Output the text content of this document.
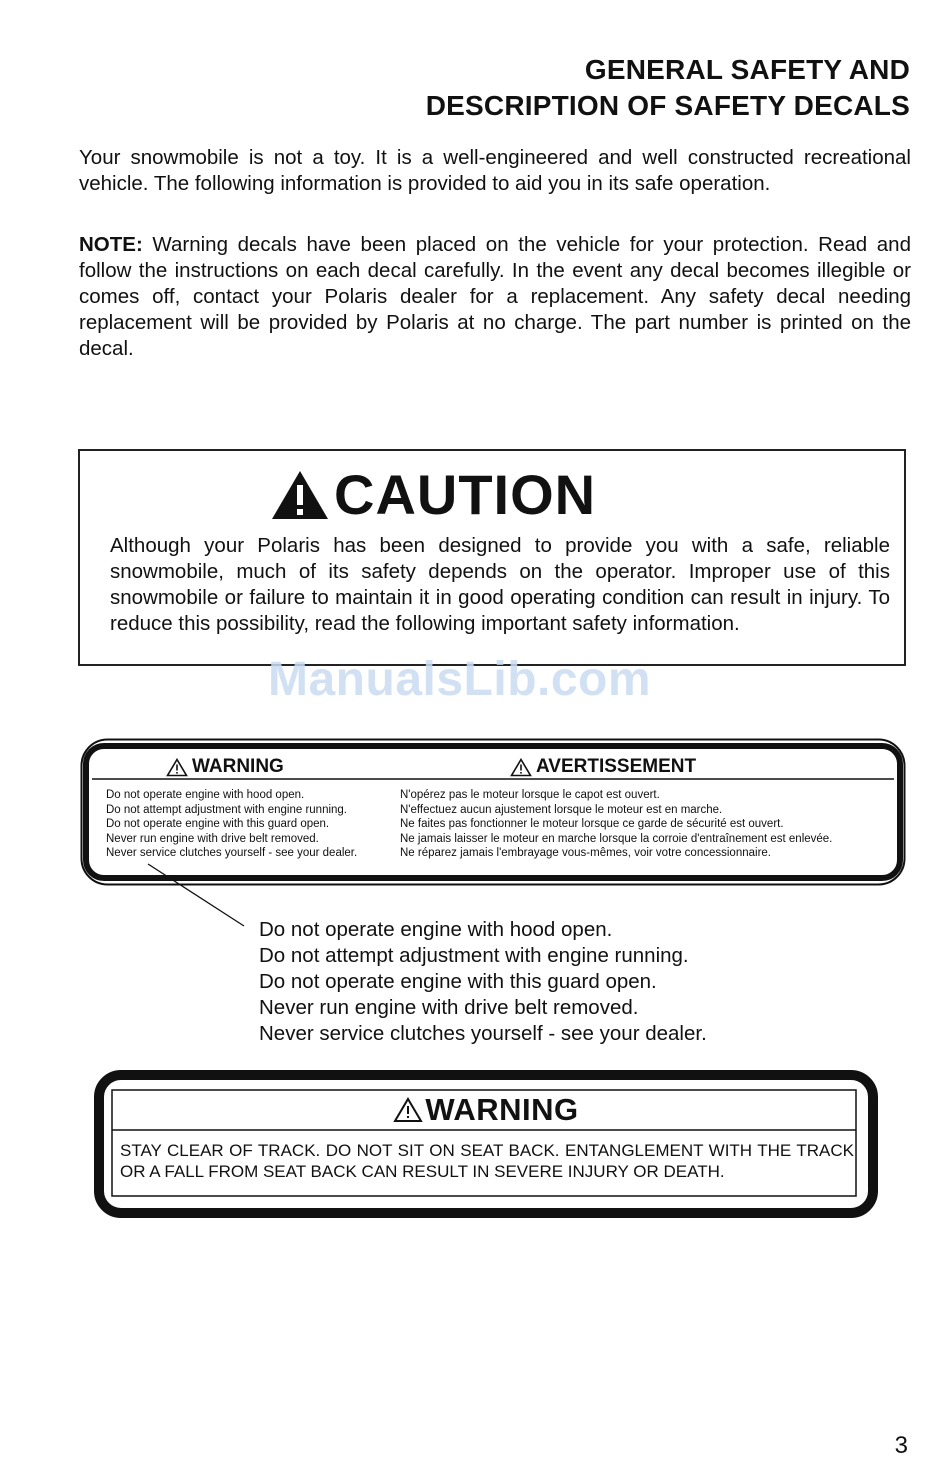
GENERAL SAFETY AND
DESCRIPTION OF SAFETY DECALS

Your snowmobile is not a toy. It is a well-engineered and well constructed recreational vehicle. The following information is provided to aid you in its safe operation.

NOTE: Warning decals have been placed on the vehicle for your protection. Read and follow the instructions on each decal carefully. In the event any decal becomes illegible or comes off, contact your Polaris dealer for a replacement. Any safety decal needing replacement will be provided by Polaris at no charge. The part number is printed on the decal.

CAUTION

Although your Polaris has been designed to provide you with a safe, reliable snowmobile, much of its safety depends on the operator. Improper use of this snowmobile or failure to maintain it in good operating condition can result in injury. To reduce this possibility, read the following important safety information.

ManualsLib.com
WARNING	AVERTISSEMENT
Do not operate engine with hood open.
Do not attempt adjustment with engine running.
Do not operate engine with this guard open.
Never run engine with drive belt removed.
Never service clutches yourself - see your dealer.
N'opérez pas le moteur lorsque le capot est ouvert.
N'effectuez aucun ajustement lorsque le moteur est en marche.
Ne faites pas fonctionner le moteur lorsque ce garde de sécurité est ouvert.
Ne jamais laisser le moteur en marche lorsque la corroie d'entraînement est enlevée.
Ne réparez jamais l'embrayage vous-mêmes, voir votre concessionnaire.
Do not operate engine with hood open.
Do not attempt adjustment with engine running.
Do not operate engine with this guard open.
Never run engine with drive belt removed.
Never service clutches yourself - see your dealer.
WARNING
STAY CLEAR OF TRACK. DO NOT SIT ON SEAT BACK. ENTANGLEMENT WITH THE TRACK OR A FALL FROM SEAT BACK CAN RESULT IN SEVERE INJURY OR DEATH.
3
